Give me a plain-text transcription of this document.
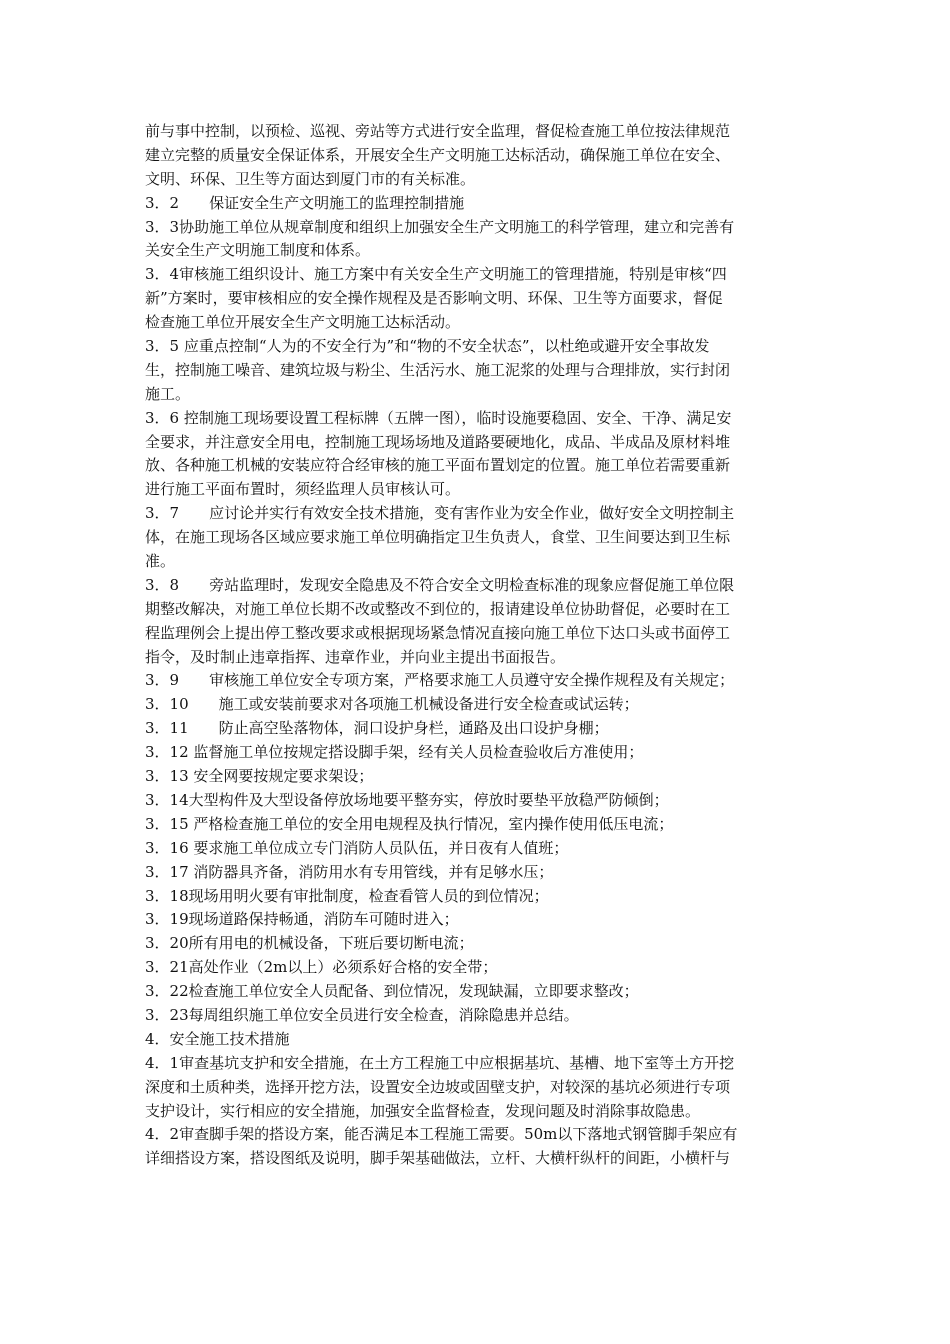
前与事中控制，以预检、巡视、旁站等方式进行安全监理，督促检查施工单位按法律规范
建立完整的质量安全保证体系，开展安全生产文明施工达标活动，确保施工单位在安全、
文明、环保、卫生等方面达到厦门市的有关标准。
3．2　　保证安全生产文明施工的监理控制措施
3．3协助施工单位从规章制度和组织上加强安全生产文明施工的科学管理，建立和完善有
关安全生产文明施工制度和体系。
3．4审核施工组织设计、施工方案中有关安全生产文明施工的管理措施，特别是审核“四
新”方案时，要审核相应的安全操作规程及是否影响文明、环保、卫生等方面要求，督促
检查施工单位开展安全生产文明施工达标活动。
3．5 应重点控制“人为的不安全行为”和“物的不安全状态”，以杜绝或避开安全事故发
生，控制施工噪音、建筑垃圾与粉尘、生活污水、施工泥浆的处理与合理排放，实行封闭
施工。
3．6 控制施工现场要设置工程标牌（五牌一图），临时设施要稳固、安全、干净、满足安
全要求，并注意安全用电，控制施工现场场地及道路要硬地化，成品、半成品及原材料堆
放、各种施工机械的安装应符合经审核的施工平面布置划定的位置。施工单位若需要重新
进行施工平面布置时，须经监理人员审核认可。
3．7　　应讨论并实行有效安全技术措施，变有害作业为安全作业，做好安全文明控制主
体，在施工现场各区域应要求施工单位明确指定卫生负责人，食堂、卫生间要达到卫生标
准。
3．8　　旁站监理时，发现安全隐患及不符合安全文明检查标准的现象应督促施工单位限
期整改解决，对施工单位长期不改或整改不到位的，报请建设单位协助督促，必要时在工
程监理例会上提出停工整改要求或根据现场紧急情况直接向施工单位下达口头或书面停工
指令，及时制止违章指挥、违章作业，并向业主提出书面报告。
3．9　　审核施工单位安全专项方案，严格要求施工人员遵守安全操作规程及有关规定；
3．10　　施工或安装前要求对各项施工机械设备进行安全检查或试运转；
3．11　　防止高空坠落物体，洞口设护身栏，通路及出口设护身棚；
3．12 监督施工单位按规定搭设脚手架，经有关人员检查验收后方准使用；
3．13 安全网要按规定要求架设；
3．14大型构件及大型设备停放场地要平整夯实，停放时要垫平放稳严防倾倒；
3．15 严格检查施工单位的安全用电规程及执行情况，室内操作使用低压电流；
3．16 要求施工单位成立专门消防人员队伍，并日夜有人值班；
3．17 消防器具齐备，消防用水有专用管线，并有足够水压；
3．18现场用明火要有审批制度，检查看管人员的到位情况；
3．19现场道路保持畅通，消防车可随时进入；
3．20所有用电的机械设备，下班后要切断电流；
3．21高处作业（2m以上）必须系好合格的安全带；
3．22检查施工单位安全人员配备、到位情况，发现缺漏，立即要求整改；
3．23每周组织施工单位安全员进行安全检查，消除隐患并总结。
4．安全施工技术措施
4．1审查基坑支护和安全措施，在土方工程施工中应根据基坑、基槽、地下室等土方开挖
深度和土质种类，选择开挖方法，设置安全边坡或固壁支护，对较深的基坑必须进行专项
支护设计，实行相应的安全措施，加强安全监督检查，发现问题及时消除事故隐患。
4．2审查脚手架的搭设方案，能否满足本工程施工需要。50m以下落地式钢管脚手架应有
详细搭设方案，搭设图纸及说明，脚手架基础做法，立杆、大横杆纵杆的间距，小横杆与
